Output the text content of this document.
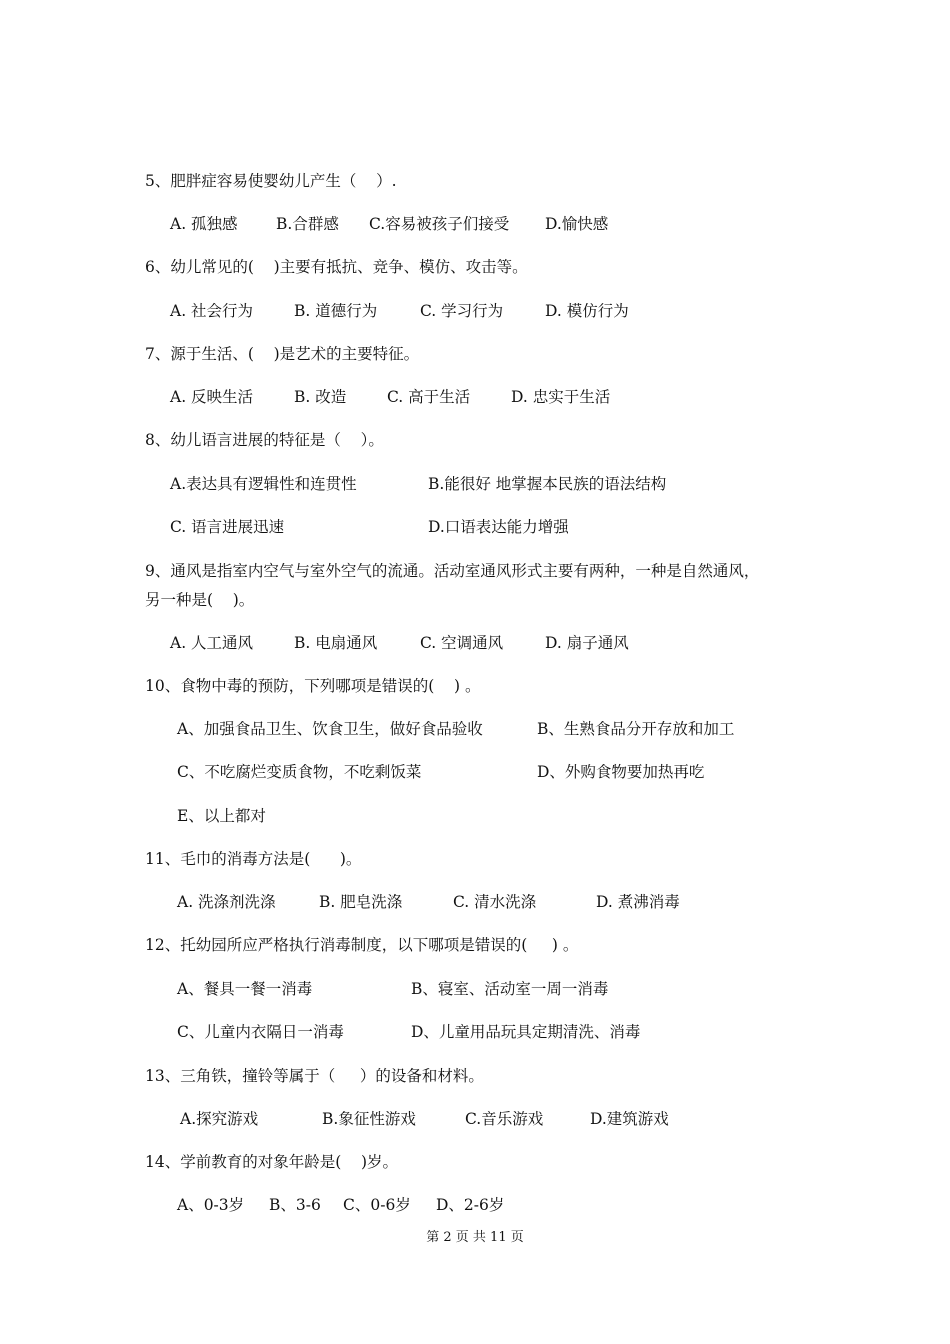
5、肥胖症容易使婴幼儿产生（    ）.
A. 孤独感 B.合群感 C.容易被孩子们接受 D.愉快感
6、幼儿常见的(    )主要有抵抗、竞争、模仿、攻击等。
A. 社会行为	B. 道德行为	C. 学习行为	D. 模仿行为
7、源于生活、(    )是艺术的主要特征。
A. 反映生活	B. 改造	C. 高于生活	D. 忠实于生活
8、幼儿语言进展的特征是（    ）。
A.表达具有逻辑性和连贯性	B.能很好 地掌握本民族的语法结构
C. 语言进展迅速	D.口语表达能力增强
9、通风是指室内空气与室外空气的流通。活动室通风形式主要有两种，一种是自然通风，
另一种是(    )。
A. 人工通风	B. 电扇通风	C. 空调通风	D. 扇子通风
10、食物中毒的预防，下列哪项是错误的(    ) 。
A、加强食品卫生、饮食卫生，做好食品验收	B、生熟食品分开存放和加工
C、不吃腐烂变质食物，不吃剩饭菜	D、外购食物要加热再吃
E、以上都对
11、毛巾的消毒方法是(      )。
A. 洗涤剂洗涤	B. 肥皂洗涤	C. 清水洗涤	D. 煮沸消毒
12、托幼园所应严格执行消毒制度，以下哪项是错误的(     ) 。
A、餐具一餐一消毒	B、寝室、活动室一周一消毒
C、儿童内衣隔日一消毒	D、儿童用品玩具定期清洗、消毒
13、三角铁，撞铃等属于（     ）的设备和材料。
A.探究游戏	B.象征性游戏	C.音乐游戏	D.建筑游戏
14、学前教育的对象年龄是(    )岁。
A、0-3岁 B、3-6 C、0-6岁 D、2-6岁
第 2 页 共 11 页
